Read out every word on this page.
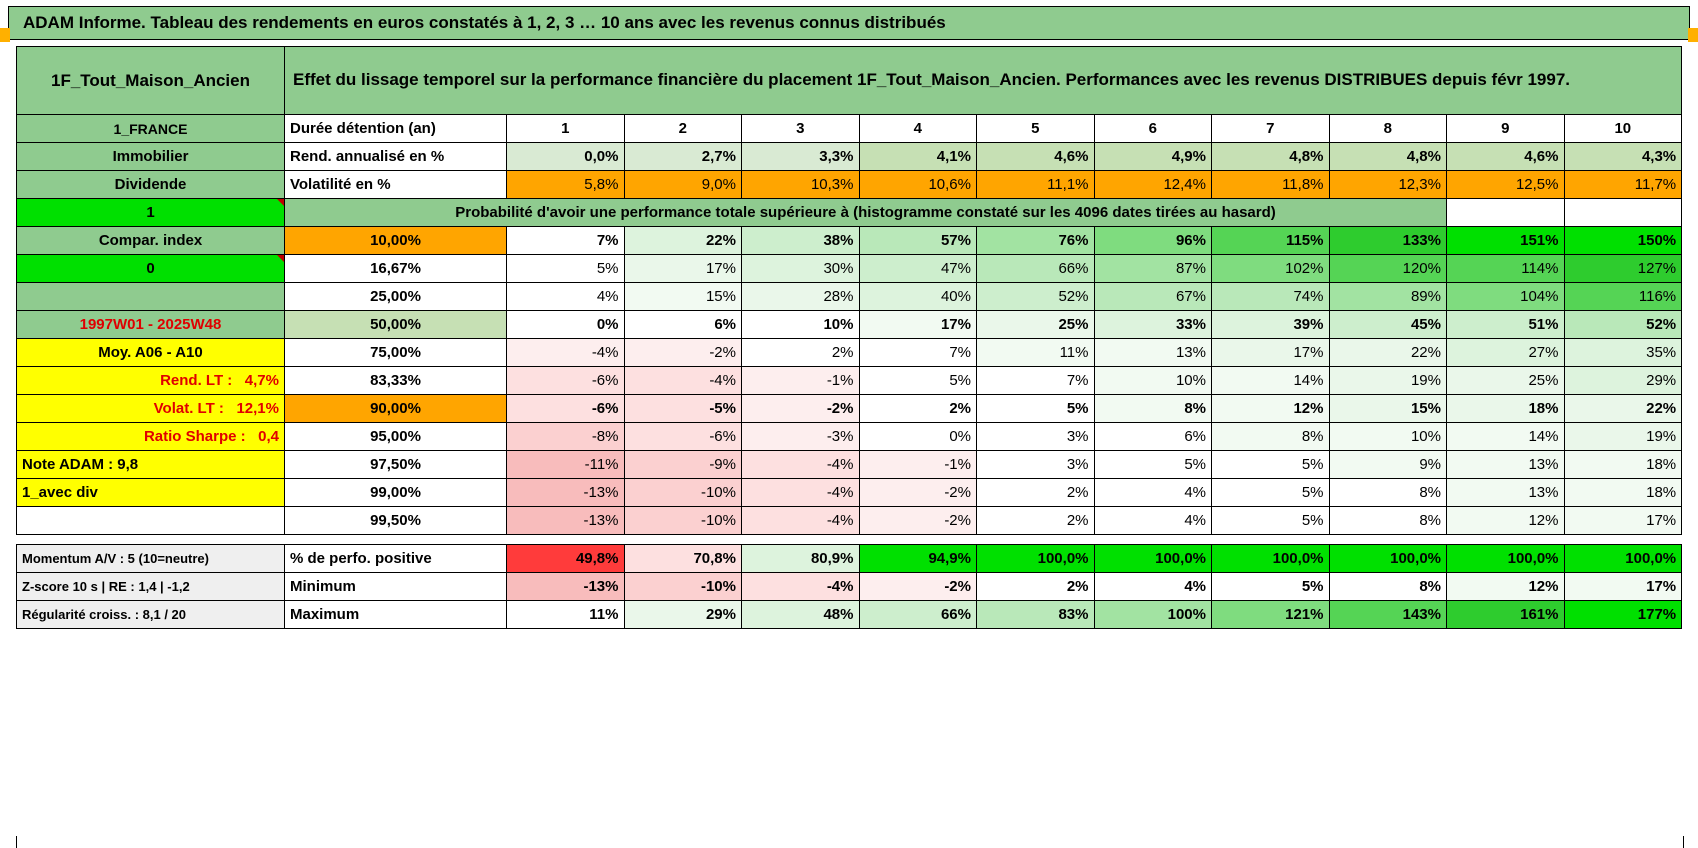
ADAM Informe. Tableau des rendements en euros constatés à 1, 2, 3 … 10 ans avec les revenus connus distribués
1F_Tout_Maison_Ancien	Effet du lissage temporel sur la performance financière du placement 1F_Tout_Maison_Ancien. Performances avec les revenus DISTRIBUES depuis févr 1997.										
1_FRANCE	Durée détention (an)	1	2	3	4	5	6	7	8	9	10
Immobilier	Rend. annualisé en %	0,0%	2,7%	3,3%	4,1%	4,6%	4,9%	4,8%	4,8%	4,6%	4,3%
Dividende	Volatilité en %	5,8%	9,0%	10,3%	10,6%	11,1%	12,4%	11,8%	12,3%	12,5%	11,7%
1	Probabilité d'avoir une performance totale supérieure à (histogramme constaté sur les 4096 dates tirées au hasard)										
Compar. index	10,00%	7%	22%	38%	57%	76%	96%	115%	133%	151%	150%
0	16,67%	5%	17%	30%	47%	66%	87%	102%	120%	114%	127%
	25,00%	4%	15%	28%	40%	52%	67%	74%	89%	104%	116%
1997W01 - 2025W48	50,00%	0%	6%	10%	17%	25%	33%	39%	45%	51%	52%
Moy. A06 - A10	75,00%	-4%	-2%	2%	7%	11%	13%	17%	22%	27%	35%
Rend. LT : 4,7%	83,33%	-6%	-4%	-1%	5%	7%	10%	14%	19%	25%	29%
Volat. LT : 12,1%	90,00%	-6%	-5%	-2%	2%	5%	8%	12%	15%	18%	22%
Ratio Sharpe : 0,4	95,00%	-8%	-6%	-3%	0%	3%	6%	8%	10%	14%	19%
Note ADAM : 9,8	97,50%	-11%	-9%	-4%	-1%	3%	5%	5%	9%	13%	18%
1_avec div	99,00%	-13%	-10%	-4%	-2%	2%	4%	5%	8%	13%	18%
	99,50%	-13%	-10%	-4%	-2%	2%	4%	5%	8%	12%	17%

Momentum A/V : 5 (10=neutre)	% de perfo. positive	49,8%	70,8%	80,9%	94,9%	100,0%	100,0%	100,0%	100,0%	100,0%	100,0%
Z-score 10 s | RE : 1,4 | -1,2	Minimum	-13%	-10%	-4%	-2%	2%	4%	5%	8%	12%	17%
Régularité croiss. : 8,1 / 20	Maximum	11%	29%	48%	66%	83%	100%	121%	143%	161%	177%
